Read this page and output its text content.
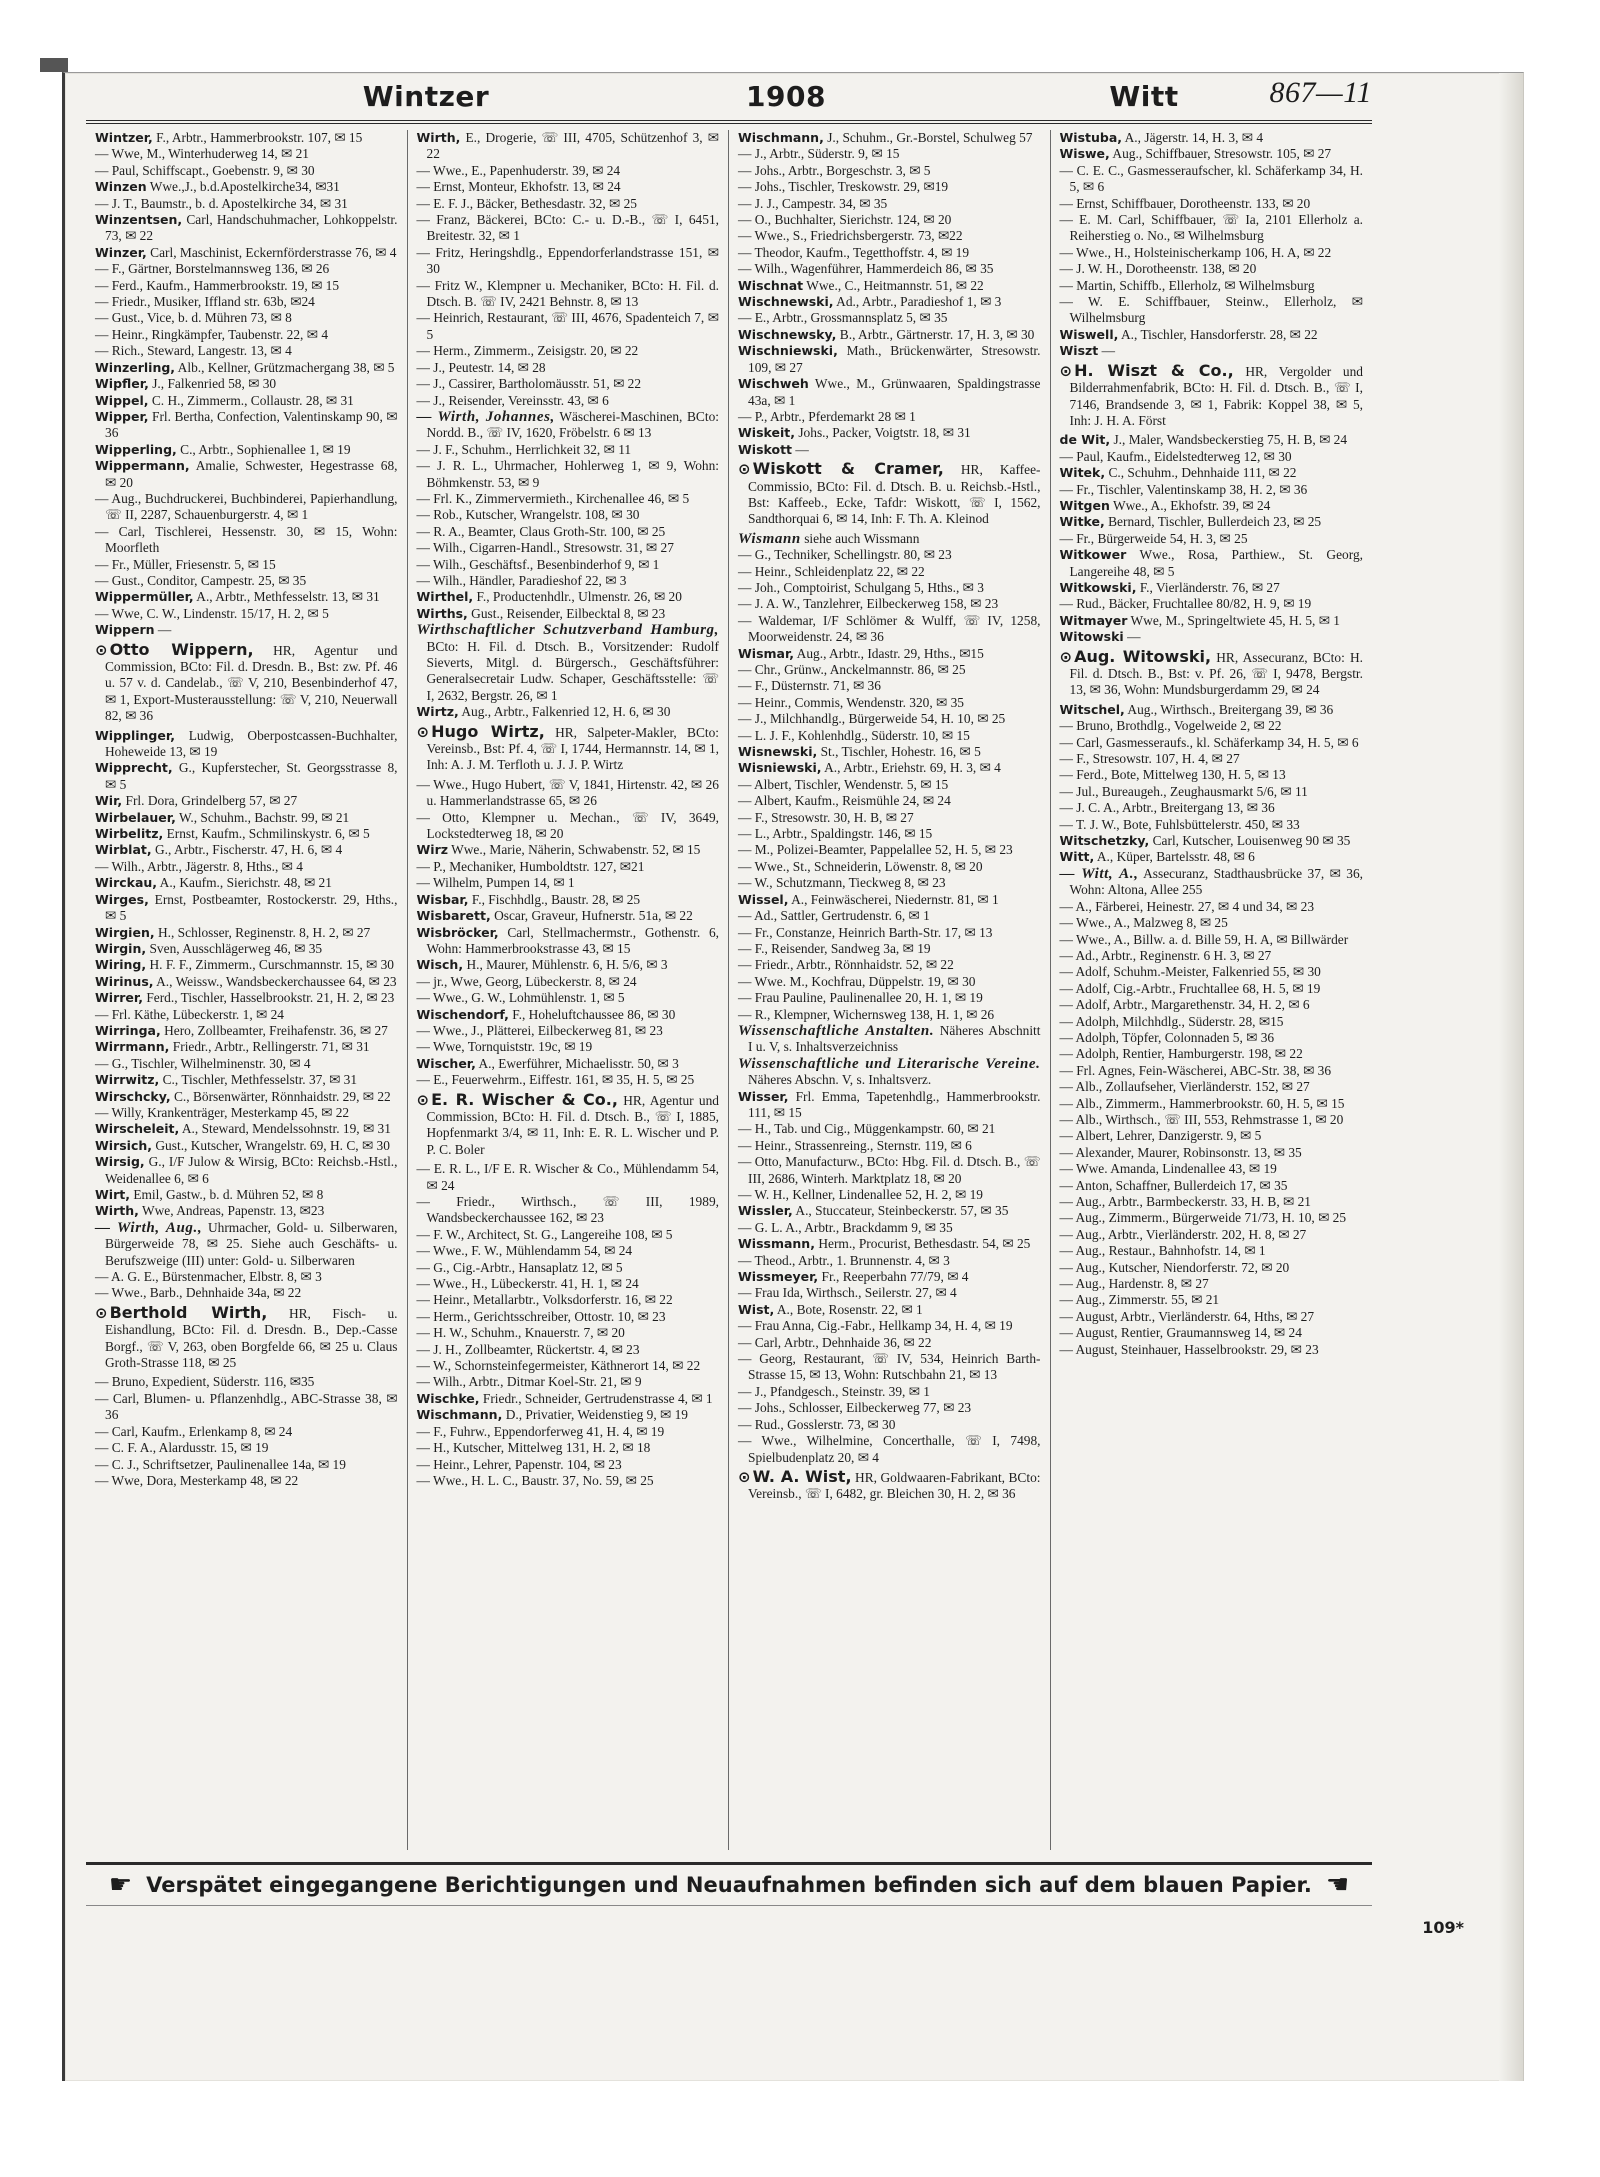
Wintzer	1908	Witt	867—11

Wintzer, F., Arbtr., Hammerbrookstr. 107, ✉ 15

— Wwe, M., Winterhuderweg 14, ✉ 21

— Paul, Schiffscapt., Goebenstr. 9, ✉ 30

Winzen Wwe.,J., b.d.Apostelkirche34, ✉31

— J. T., Baumstr., b. d. Apostelkirche 34, ✉ 31

Winzentsen, Carl, Handschuhmacher, Lohkoppelstr. 73, ✉ 22

Winzer, Carl, Maschinist, Eckernförderstrasse 76, ✉ 4

— F., Gärtner, Borstelmannsweg 136, ✉ 26

— Ferd., Kaufm., Hammerbrookstr. 19, ✉ 15

— Friedr., Musiker, Iffland str. 63b, ✉24

— Gust., Vice, b. d. Mühren 73, ✉ 8

— Heinr., Ringkämpfer, Taubenstr. 22, ✉ 4

— Rich., Steward, Langestr. 13, ✉ 4

Winzerling, Alb., Kellner, Grützmachergang 38, ✉ 5

Wipfler, J., Falkenried 58, ✉ 30

Wippel, C. H., Zimmerm., Collaustr. 28, ✉ 31

Wipper, Frl. Bertha, Confection, Valentinskamp 90, ✉ 36

Wipperling, C., Arbtr., Sophienallee 1, ✉ 19

Wippermann, Amalie, Schwester, Hegestrasse 68, ✉ 20

— Aug., Buchdruckerei, Buchbinderei, Papierhandlung, ☏ II, 2287, Schauenburgerstr. 4, ✉ 1

— Carl, Tischlerei, Hessenstr. 30, ✉ 15, Wohn: Moorfleth

— Fr., Müller, Friesenstr. 5, ✉ 15

— Gust., Conditor, Campestr. 25, ✉ 35

Wippermüller, A., Arbtr., Methfesselstr. 13, ✉ 31

— Wwe, C. W., Lindenstr. 15/17, H. 2, ✉ 5

Wippern —

⊙ Otto Wippern, HR, Agentur und Commission, BCto: Fil. d. Dresdn. B., Bst: zw. Pf. 46 u. 57 v. d. Candelab., ☏ V, 210, Besenbinderhof 47, ✉ 1, Export-Musterausstellung: ☏ V, 210, Neuerwall 82, ✉ 36

Wipplinger, Ludwig, Oberpostcassen-Buchhalter, Hoheweide 13, ✉ 19

Wipprecht, G., Kupferstecher, St. Georgsstrasse 8, ✉ 5

Wir, Frl. Dora, Grindelberg 57, ✉ 27

Wirbelauer, W., Schuhm., Bachstr. 99, ✉ 21

Wirbelitz, Ernst, Kaufm., Schmilinskystr. 6, ✉ 5

Wirblat, G., Arbtr., Fischerstr. 47, H. 6, ✉ 4

— Wilh., Arbtr., Jägerstr. 8, Hths., ✉ 4

Wirckau, A., Kaufm., Sierichstr. 48, ✉ 21

Wirges, Ernst, Postbeamter, Rostockerstr. 29, Hths., ✉ 5

Wirgien, H., Schlosser, Reginenstr. 8, H. 2, ✉ 27

Wirgin, Sven, Ausschlägerweg 46, ✉ 35

Wiring, H. F. F., Zimmerm., Curschmannstr. 15, ✉ 30

Wirinus, A., Weissw., Wandsbeckerchaussee 64, ✉ 23

Wirrer, Ferd., Tischler, Hasselbrookstr. 21, H. 2, ✉ 23

— Frl. Käthe, Lübeckerstr. 1, ✉ 24

Wirringa, Hero, Zollbeamter, Freihafenstr. 36, ✉ 27

Wirrmann, Friedr., Arbtr., Rellingerstr. 71, ✉ 31

— G., Tischler, Wilhelminenstr. 30, ✉ 4

Wirrwitz, C., Tischler, Methfesselstr. 37, ✉ 31

Wirschcky, C., Börsenwärter, Rönnhaidstr. 29, ✉ 22

— Willy, Krankenträger, Mesterkamp 45, ✉ 22

Wirscheleit, A., Steward, Mendelssohnstr. 19, ✉ 31

Wirsich, Gust., Kutscher, Wrangelstr. 69, H. C, ✉ 30

Wirsig, G., I/F Julow & Wirsig, BCto: Reichsb.-Hstl., Weidenallee 6, ✉ 6

Wirt, Emil, Gastw., b. d. Mühren 52, ✉ 8

Wirth, Wwe, Andreas, Papenstr. 13, ✉23

— Wirth, Aug., Uhrmacher, Gold- u. Silberwaren, Bürgerweide 78, ✉ 25. Siehe auch Geschäfts- u. Berufszweige (III) unter: Gold- u. Silberwaren

— A. G. E., Bürstenmacher, Elbstr. 8, ✉ 3

— Wwe., Barb., Dehnhaide 34a, ✉ 22

⊙ Berthold Wirth, HR, Fisch- u. Eishandlung, BCto: Fil. d. Dresdn. B., Dep.-Casse Borgf., ☏ V, 263, oben Borgfelde 66, ✉ 25 u. Claus Groth-Strasse 118, ✉ 25

— Bruno, Expedient, Süderstr. 116, ✉35

— Carl, Blumen- u. Pflanzenhdlg., ABC-Strasse 38, ✉ 36

— Carl, Kaufm., Erlenkamp 8, ✉ 24

— C. F. A., Alardusstr. 15, ✉ 19

— C. J., Schriftsetzer, Paulinenallee 14a, ✉ 19

— Wwe, Dora, Mesterkamp 48, ✉ 22

Wirth, E., Drogerie, ☏ III, 4705, Schützenhof 3, ✉ 22

— Wwe., E., Papenhuderstr. 39, ✉ 24

— Ernst, Monteur, Ekhofstr. 13, ✉ 24

— E. F. J., Bäcker, Bethesdastr. 32, ✉ 25

— Franz, Bäckerei, BCto: C.- u. D.-B., ☏ I, 6451, Breitestr. 32, ✉ 1

— Fritz, Heringshdlg., Eppendorferlandstrasse 151, ✉ 30

— Fritz W., Klempner u. Mechaniker, BCto: H. Fil. d. Dtsch. B. ☏ IV, 2421 Behnstr. 8, ✉ 13

— Heinrich, Restaurant, ☏ III, 4676, Spadenteich 7, ✉ 5

— Herm., Zimmerm., Zeisigstr. 20, ✉ 22

— J., Peutestr. 14, ✉ 28

— J., Cassirer, Bartholomäusstr. 51, ✉ 22

— J., Reisender, Vereinsstr. 43, ✉ 6

— Wirth, Johannes, Wäscherei-Maschinen, BCto: Nordd. B., ☏ IV, 1620, Fröbelstr. 6 ✉ 13

— J. F., Schuhm., Herrlichkeit 32, ✉ 11

— J. R. L., Uhrmacher, Hohlerweg 1, ✉ 9, Wohn: Böhmkenstr. 53, ✉ 9

— Frl. K., Zimmervermieth., Kirchenallee 46, ✉ 5

— Rob., Kutscher, Wrangelstr. 108, ✉ 30

— R. A., Beamter, Claus Groth-Str. 100, ✉ 25

— Wilh., Cigarren-Handl., Stresowstr. 31, ✉ 27

— Wilh., Geschäftsf., Besenbinderhof 9, ✉ 1

— Wilh., Händler, Paradieshof 22, ✉ 3

Wirthel, F., Productenhdlr., Ulmenstr. 26, ✉ 20

Wirths, Gust., Reisender, Eilbecktal 8, ✉ 23

Wirthschaftlicher Schutzverband Hamburg, BCto: H. Fil. d. Dtsch. B., Vorsitzender: Rudolf Sieverts, Mitgl. d. Bürgersch., Geschäftsführer: Generalsecretair Ludw. Schaper, Geschäftsstelle: ☏ I, 2632, Bergstr. 26, ✉ 1

Wirtz, Aug., Arbtr., Falkenried 12, H. 6, ✉ 30

⊙ Hugo Wirtz, HR, Salpeter-Makler, BCto: Vereinsb., Bst: Pf. 4, ☏ I, 1744, Hermannstr. 14, ✉ 1, Inh: A. J. M. Terfloth u. J. J. P. Wirtz

— Wwe., Hugo Hubert, ☏ V, 1841, Hirtenstr. 42, ✉ 26 u. Hammerlandstrasse 65, ✉ 26

— Otto, Klempner u. Mechan., ☏ IV, 3649, Lockstedterweg 18, ✉ 20

Wirz Wwe., Marie, Näherin, Schwabenstr. 52, ✉ 15

— P., Mechaniker, Humboldtstr. 127, ✉21

— Wilhelm, Pumpen 14, ✉ 1

Wisbar, F., Fischhdlg., Baustr. 28, ✉ 25

Wisbarett, Oscar, Graveur, Hufnerstr. 51a, ✉ 22

Wisbröcker, Carl, Stellmachermstr., Gothenstr. 6, Wohn: Hammerbrookstrasse 43, ✉ 15

Wisch, H., Maurer, Mühlenstr. 6, H. 5/6, ✉ 3

— jr., Wwe, Georg, Lübeckerstr. 8, ✉ 24

— Wwe., G. W., Lohmühlenstr. 1, ✉ 5

Wischendorf, F., Hoheluftchaussee 86, ✉ 30

— Wwe., J., Plätterei, Eilbeckerweg 81, ✉ 23

— Wwe, Tornquiststr. 19c, ✉ 19

Wischer, A., Ewerführer, Michaelisstr. 50, ✉ 3

— E., Feuerwehrm., Eiffestr. 161, ✉ 35, H. 5, ✉ 25

⊙ E. R. Wischer & Co., HR, Agentur und Commission, BCto: H. Fil. d. Dtsch. B., ☏ I, 1885, Hopfenmarkt 3/4, ✉ 11, Inh: E. R. L. Wischer und P. P. C. Boler

— E. R. L., I/F E. R. Wischer & Co., Mühlendamm 54, ✉ 24

— Friedr., Wirthsch., ☏ III, 1989, Wandsbeckerchaussee 162, ✉ 23

— F. W., Architect, St. G., Langereihe 108, ✉ 5

— Wwe., F. W., Mühlendamm 54, ✉ 24

— G., Cig.-Arbtr., Hansaplatz 12, ✉ 5

— Wwe., H., Lübeckerstr. 41, H. 1, ✉ 24

— Heinr., Metallarbtr., Volksdorferstr. 16, ✉ 22

— Herm., Gerichtsschreiber, Ottostr. 10, ✉ 23

— H. W., Schuhm., Knauerstr. 7, ✉ 20

— J. H., Zollbeamter, Rückertstr. 4, ✉ 23

— W., Schornsteinfegermeister, Käthnerort 14, ✉ 22

— Wilh., Arbtr., Ditmar Koel-Str. 21, ✉ 9

Wischke, Friedr., Schneider, Gertrudenstrasse 4, ✉ 1

Wischmann, D., Privatier, Weidenstieg 9, ✉ 19

— F., Fuhrw., Eppendorferweg 41, H. 4, ✉ 19

— H., Kutscher, Mittelweg 131, H. 2, ✉ 18

— Heinr., Lehrer, Papenstr. 104, ✉ 23

— Wwe., H. L. C., Baustr. 37, No. 59, ✉ 25

Wischmann, J., Schuhm., Gr.-Borstel, Schulweg 57

— J., Arbtr., Süderstr. 9, ✉ 15

— Johs., Arbtr., Borgeschstr. 3, ✉ 5

— Johs., Tischler, Treskowstr. 29, ✉19

— J. J., Campestr. 34, ✉ 35

— O., Buchhalter, Sierichstr. 124, ✉ 20

— Wwe., S., Friedrichsbergerstr. 73, ✉22

— Theodor, Kaufm., Tegetthoffstr. 4, ✉ 19

— Wilh., Wagenführer, Hammerdeich 86, ✉ 35

Wischnat Wwe., C., Heitmannstr. 51, ✉ 22

Wischnewski, Ad., Arbtr., Paradieshof 1, ✉ 3

— E., Arbtr., Grossmannsplatz 5, ✉ 35

Wischnewsky, B., Arbtr., Gärtnerstr. 17, H. 3, ✉ 30

Wischniewski, Math., Brückenwärter, Stresowstr. 109, ✉ 27

Wischweh Wwe., M., Grünwaaren, Spaldingstrasse 43a, ✉ 1

— P., Arbtr., Pferdemarkt 28 ✉ 1

Wiskeit, Johs., Packer, Voigtstr. 18, ✉ 31

Wiskott —

⊙ Wiskott & Cramer, HR, Kaffee-Commissio, BCto: Fil. d. Dtsch. B. u. Reichsb.-Hstl., Bst: Kaffeeb., Ecke, Tafdr: Wiskott, ☏ I, 1562, Sandthorquai 6, ✉ 14, Inh: F. Th. A. Kleinod

Wismann siehe auch Wissmann

— G., Techniker, Schellingstr. 80, ✉ 23

— Heinr., Schleidenplatz 22, ✉ 22

— Joh., Comptoirist, Schulgang 5, Hths., ✉ 3

— J. A. W., Tanzlehrer, Eilbeckerweg 158, ✉ 23

— Waldemar, I/F Schlömer & Wulff, ☏ IV, 1258, Moorweidenstr. 24, ✉ 36

Wismar, Aug., Arbtr., Idastr. 29, Hths., ✉15

— Chr., Grünw., Anckelmannstr. 86, ✉ 25

— F., Düsternstr. 71, ✉ 36

— Heinr., Commis, Wendenstr. 320, ✉ 35

— J., Milchhandlg., Bürgerweide 54, H. 10, ✉ 25

— L. J. F., Kohlenhdlg., Süderstr. 10, ✉ 15

Wisnewski, St., Tischler, Hohestr. 16, ✉ 5

Wisniewski, A., Arbtr., Eriehstr. 69, H. 3, ✉ 4

— Albert, Tischler, Wendenstr. 5, ✉ 15

— Albert, Kaufm., Reismühle 24, ✉ 24

— F., Stresowstr. 30, H. B, ✉ 27

— L., Arbtr., Spaldingstr. 146, ✉ 15

— M., Polizei-Beamter, Pappelallee 52, H. 5, ✉ 23

— Wwe., St., Schneiderin, Löwenstr. 8, ✉ 20

— W., Schutzmann, Tieckweg 8, ✉ 23

Wissel, A., Feinwäscherei, Niedernstr. 81, ✉ 1

— Ad., Sattler, Gertrudenstr. 6, ✉ 1

— Fr., Constanze, Heinrich Barth-Str. 17, ✉ 13

— F., Reisender, Sandweg 3a, ✉ 19

— Friedr., Arbtr., Rönnhaidstr. 52, ✉ 22

— Wwe. M., Kochfrau, Düppelstr. 19, ✉ 30

— Frau Pauline, Paulinenallee 20, H. 1, ✉ 19

— R., Klempner, Wichernsweg 138, H. 1, ✉ 26

Wissenschaftliche Anstalten. Näheres Abschnitt I u. V, s. Inhaltsverzeichniss

Wissenschaftliche und Literarische Vereine. Näheres Abschn. V, s. Inhaltsverz.

Wisser, Frl. Emma, Tapetenhdlg., Hammerbrookstr. 111, ✉ 15

— H., Tab. und Cig., Müggenkampstr. 60, ✉ 21

— Heinr., Strassenreing., Sternstr. 119, ✉ 6

— Otto, Manufacturw., BCto: Hbg. Fil. d. Dtsch. B., ☏ III, 2686, Winterh. Marktplatz 18, ✉ 20

— W. H., Kellner, Lindenallee 52, H. 2, ✉ 19

Wissler, A., Stuccateur, Steinbeckerstr. 57, ✉ 35

— G. L. A., Arbtr., Brackdamm 9, ✉ 35

Wissmann, Herm., Procurist, Bethesdastr. 54, ✉ 25

— Theod., Arbtr., 1. Brunnenstr. 4, ✉ 3

Wissmeyer, Fr., Reeperbahn 77/79, ✉ 4

— Frau Ida, Wirthsch., Seilerstr. 27, ✉ 4

Wist, A., Bote, Rosenstr. 22, ✉ 1

— Frau Anna, Cig.-Fabr., Hellkamp 34, H. 4, ✉ 19

— Carl, Arbtr., Dehnhaide 36, ✉ 22

— Georg, Restaurant, ☏ IV, 534, Heinrich Barth-Strasse 15, ✉ 13, Wohn: Rutschbahn 21, ✉ 13

— J., Pfandgesch., Steinstr. 39, ✉ 1

— Johs., Schlosser, Eilbeckerweg 77, ✉ 23

— Rud., Gosslerstr. 73, ✉ 30

— Wwe., Wilhelmine, Concerthalle, ☏ I, 7498, Spielbudenplatz 20, ✉ 4

⊙ W. A. Wist, HR, Goldwaaren-Fabrikant, BCto: Vereinsb., ☏ I, 6482, gr. Bleichen 30, H. 2, ✉ 36

Wistuba, A., Jägerstr. 14, H. 3, ✉ 4

Wiswe, Aug., Schiffbauer, Stresowstr. 105, ✉ 27

— C. E. C., Gasmesseraufscher, kl. Schäferkamp 34, H. 5, ✉ 6

— Ernst, Schiffbauer, Dorotheenstr. 133, ✉ 20

— E. M. Carl, Schiffbauer, ☏ Ia, 2101 Ellerholz a. Reiherstieg o. No., ✉ Wilhelmsburg

— Wwe., H., Holsteinischerkamp 106, H. A, ✉ 22

— J. W. H., Dorotheenstr. 138, ✉ 20

— Martin, Schiffb., Ellerholz, ✉ Wilhelmsburg

— W. E. Schiffbauer, Steinw., Ellerholz, ✉ Wilhelmsburg

Wiswell, A., Tischler, Hansdorferstr. 28, ✉ 22

Wiszt —

⊙ H. Wiszt & Co., HR, Vergolder und Bilderrahmenfabrik, BCto: H. Fil. d. Dtsch. B., ☏ I, 7146, Brandsende 3, ✉ 1, Fabrik: Koppel 38, ✉ 5, Inh: J. H. A. Först

de Wit, J., Maler, Wandsbeckerstieg 75, H. B, ✉ 24

— Paul, Kaufm., Eidelstedterweg 12, ✉ 30

Witek, C., Schuhm., Dehnhaide 111, ✉ 22

— Fr., Tischler, Valentinskamp 38, H. 2, ✉ 36

Witgen Wwe., A., Ekhofstr. 39, ✉ 24

Witke, Bernard, Tischler, Bullerdeich 23, ✉ 25

— Fr., Bürgerweide 54, H. 3, ✉ 25

Witkower Wwe., Rosa, Parthiew., St. Georg, Langereihe 48, ✉ 5

Witkowski, F., Vierländerstr. 76, ✉ 27

— Rud., Bäcker, Fruchtallee 80/82, H. 9, ✉ 19

Witmayer Wwe, M., Springeltwiete 45, H. 5, ✉ 1

Witowski —

⊙ Aug. Witowski, HR, Assecuranz, BCto: H. Fil. d. Dtsch. B., Bst: v. Pf. 26, ☏ I, 9478, Bergstr. 13, ✉ 36, Wohn: Mundsburgerdamm 29, ✉ 24

Witschel, Aug., Wirthsch., Breitergang 39, ✉ 36

— Bruno, Brothdlg., Vogelweide 2, ✉ 22

— Carl, Gasmesseraufs., kl. Schäferkamp 34, H. 5, ✉ 6

— F., Stresowstr. 107, H. 4, ✉ 27

— Ferd., Bote, Mittelweg 130, H. 5, ✉ 13

— Jul., Bureaugeh., Zeughausmarkt 5/6, ✉ 11

— J. C. A., Arbtr., Breitergang 13, ✉ 36

— T. J. W., Bote, Fuhlsbüttelerstr. 450, ✉ 33

Witschetzky, Carl, Kutscher, Louisenweg 90 ✉ 35

Witt, A., Küper, Bartelsstr. 48, ✉ 6

— Witt, A., Assecuranz, Stadthausbrücke 37, ✉ 36, Wohn: Altona, Allee 255

— A., Färberei, Heinestr. 27, ✉ 4 und 34, ✉ 23

— Wwe., A., Malzweg 8, ✉ 25

— Wwe., A., Billw. a. d. Bille 59, H. A, ✉ Billwärder

— Ad., Arbtr., Reginenstr. 6 H. 3, ✉ 27

— Adolf, Schuhm.-Meister, Falkenried 55, ✉ 30

— Adolf, Cig.-Arbtr., Fruchtallee 68, H. 5, ✉ 19

— Adolf, Arbtr., Margarethenstr. 34, H. 2, ✉ 6

— Adolph, Milchhdlg., Süderstr. 28, ✉15

— Adolph, Töpfer, Colonnaden 5, ✉ 36

— Adolph, Rentier, Hamburgerstr. 198, ✉ 22

— Frl. Agnes, Fein-Wäscherei, ABC-Str. 38, ✉ 36

— Alb., Zollaufseher, Vierländerstr. 152, ✉ 27

— Alb., Zimmerm., Hammerbrookstr. 60, H. 5, ✉ 15

— Alb., Wirthsch., ☏ III, 553, Rehmstrasse 1, ✉ 20

— Albert, Lehrer, Danzigerstr. 9, ✉ 5

— Alexander, Maurer, Robinsonstr. 13, ✉ 35

— Wwe. Amanda, Lindenallee 43, ✉ 19

— Anton, Schaffner, Bullerdeich 17, ✉ 35

— Aug., Arbtr., Barmbeckerstr. 33, H. B, ✉ 21

— Aug., Zimmerm., Bürgerweide 71/73, H. 10, ✉ 25

— Aug., Arbtr., Vierländerstr. 202, H. 8, ✉ 27

— Aug., Restaur., Bahnhofstr. 14, ✉ 1

— Aug., Kutscher, Niendorferstr. 72, ✉ 20

— Aug., Hardenstr. 8, ✉ 27

— Aug., Zimmerstr. 55, ✉ 21

— August, Arbtr., Vierländerstr. 64, Hths, ✉ 27

— August, Rentier, Graumannsweg 14, ✉ 24

— August, Steinhauer, Hasselbrookstr. 29, ✉ 23

☛ Verspätet eingegangene Berichtigungen und Neuaufnahmen befinden sich auf dem blauen Papier. ☚
109*
